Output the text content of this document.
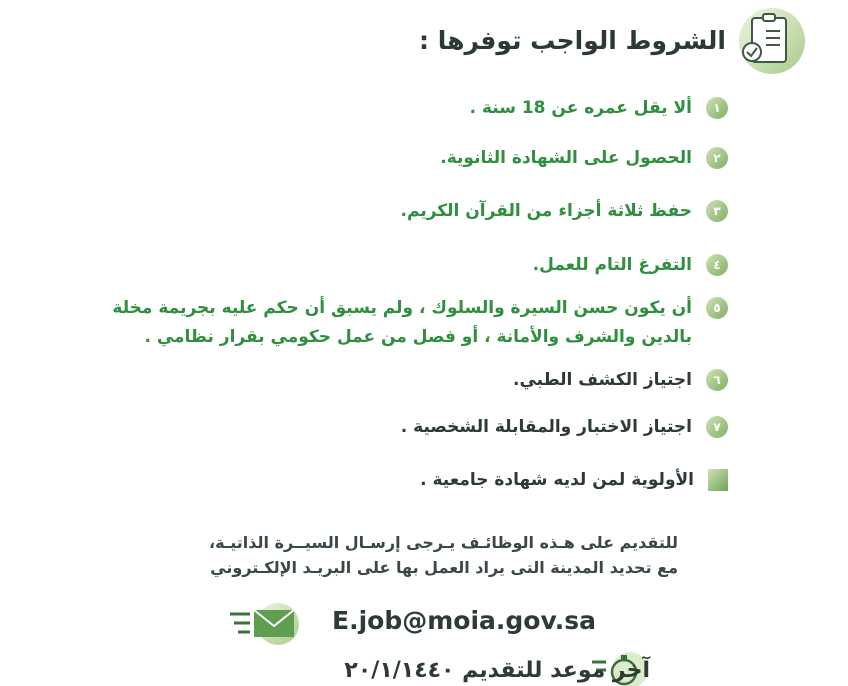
الشروط الواجب توفرها :
١
ألا يقل عمره عن 18 سنة .
٢
الحصول على الشهادة الثانوية.
٣
حفظ ثلاثة أجزاء من القرآن الكريم.
٤
التفرغ التام للعمل.
٥
أن يكون حسن السيرة والسلوك ، ولم يسبق أن حكم عليه بجريمة مخلة بالدين والشرف والأمانة ، أو فصل من عمل حكومي بقرار نظامي .
٦
اجتياز الكشف الطبي.
٧
اجتياز الاختبار والمقابلة الشخصية .
الأولوية لمن لديه شهادة جامعية .
للتقديم على هـذه الوظائـف يـرجى إرسـال السيــرة الذاتيـة،
مع تحديد المدينة التى يراد العمل بها على البريـد الإلكـتروني
E.job@moia.gov.sa
آخر موعد للتقديم ٢٠/١/١٤٤٠
